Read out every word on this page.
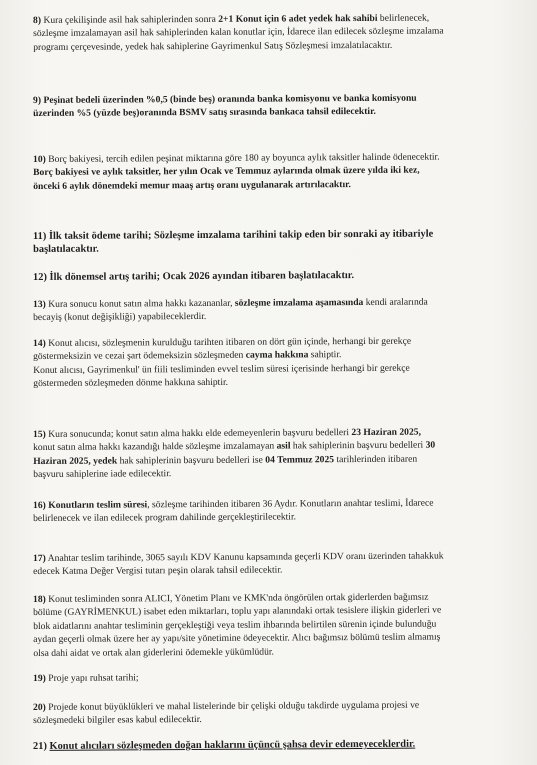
8) Kura çekilişinde asil hak sahiplerinden sonra 2+1 Konut için 6 adet yedek hak sahibi belirlenecek,

sözleşme imzalamayan asil hak sahiplerinden kalan konutlar için, İdarece ilan edilecek sözleşme imzalama

programı çerçevesinde, yedek hak sahiplerine Gayrimenkul Satış Sözleşmesi imzalatılacaktır.

9) Peşinat bedeli üzerinden %0,5 (binde beş) oranında banka komisyonu ve banka komisyonu

üzerinden %5 (yüzde beş)oranında BSMV satış sırasında bankaca tahsil edilecektir.

10) Borç bakiyesi, tercih edilen peşinat miktarına göre 180 ay boyunca aylık taksitler halinde ödenecektir.

Borç bakiyesi ve aylık taksitler, her yılın Ocak ve Temmuz aylarında olmak üzere yılda iki kez,

önceki 6 aylık dönemdeki memur maaş artış oranı uygulanarak artırılacaktır.

11) İlk taksit ödeme tarihi; Sözleşme imzalama tarihini takip eden bir sonraki ay itibariyle

başlatılacaktır.

12) İlk dönemsel artış tarihi; Ocak 2026 ayından itibaren başlatılacaktır.

13) Kura sonucu konut satın alma hakkı kazananlar, sözleşme imzalama aşamasında kendi aralarında

becayiş (konut değişikliği) yapabileceklerdir.

14) Konut alıcısı, sözleşmenin kurulduğu tarihten itibaren on dört gün içinde, herhangi bir gerekçe

göstermeksizin ve cezai şart ödemeksizin sözleşmeden cayma hakkına sahiptir.

Konut alıcısı, Gayrimenkul' ün fiili tesliminden evvel teslim süresi içerisinde herhangi bir gerekçe

göstermeden sözleşmeden dönme hakkına sahiptir.

15) Kura sonucunda; konut satın alma hakkı elde edemeyenlerin başvuru bedelleri 23 Haziran 2025,

konut satın alma hakkı kazandığı halde sözleşme imzalamayan asil hak sahiplerinin başvuru bedelleri 30

Haziran 2025, yedek hak sahiplerinin başvuru bedelleri ise 04 Temmuz 2025 tarihlerinden itibaren

başvuru sahiplerine iade edilecektir.

16) Konutların teslim süresi, sözleşme tarihinden itibaren 36 Aydır. Konutların anahtar teslimi, İdarece

belirlenecek ve ilan edilecek program dahilinde gerçekleştirilecektir.

17) Anahtar teslim tarihinde, 3065 sayılı KDV Kanunu kapsamında geçerli KDV oranı üzerinden tahakkuk

edecek Katma Değer Vergisi tutarı peşin olarak tahsil edilecektir.

18) Konut tesliminden sonra ALICI, Yönetim Planı ve KMK'nda öngörülen ortak giderlerden bağımsız

bölüme (GAYRİMENKUL) isabet eden miktarları, toplu yapı alanındaki ortak tesislere ilişkin giderleri ve

blok aidatlarını anahtar tesliminin gerçekleştiği veya teslim ihbarında belirtilen sürenin içinde bulunduğu

aydan geçerli olmak üzere her ay yapı/site yönetimine ödeyecektir. Alıcı bağımsız bölümü teslim almamış

olsa dahi aidat ve ortak alan giderlerini ödemekle yükümlüdür.

19) Proje yapı ruhsat tarihi;

20) Projede konut büyüklükleri ve mahal listelerinde bir çelişki olduğu takdirde uygulama projesi ve

sözleşmedeki bilgiler esas kabul edilecektir.

21) Konut alıcıları sözleşmeden doğan haklarını üçüncü şahsa devir edemeyeceklerdir.
